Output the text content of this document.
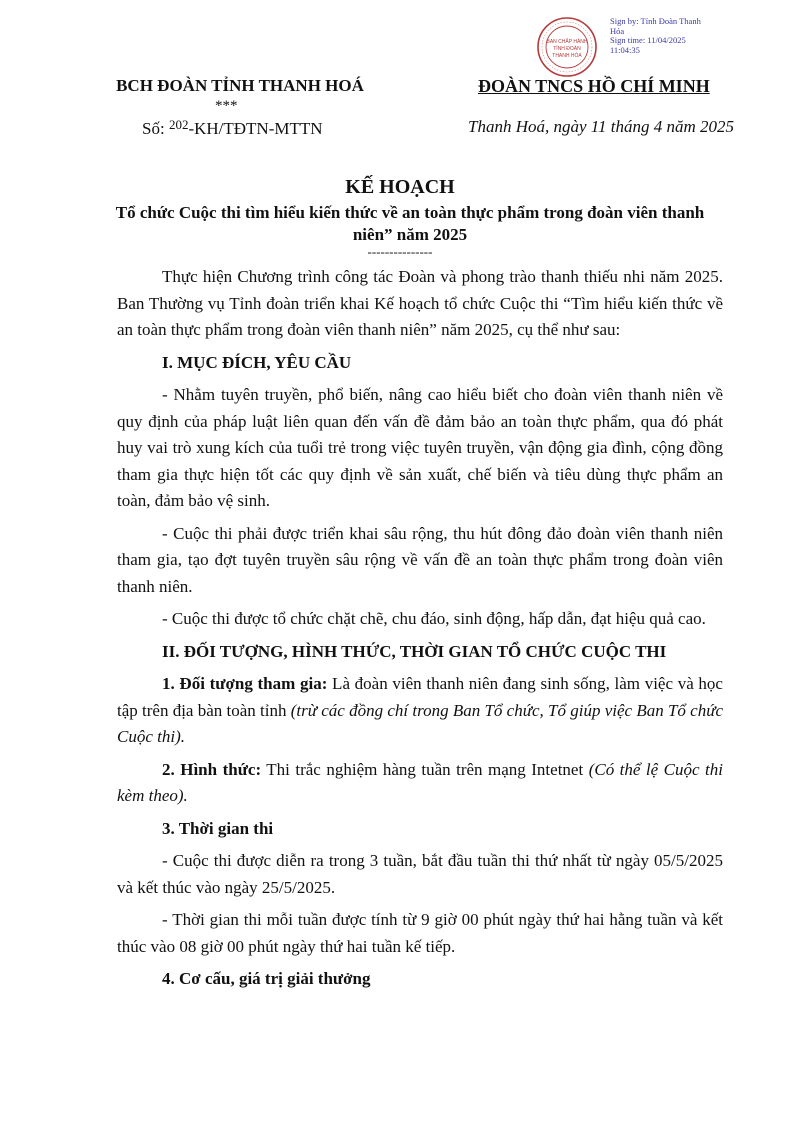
BAN CHẤP HÀNH
TỈNH ĐOÀN
THANH HÓA
Sign by: Tỉnh Đoàn Thanh
Hóa
Sign time: 11/04/2025
11:04:35
BCH ĐOÀN TỈNH THANH HOÁ
***
Số: $^{202}$-KH/TĐTN-MTTN
ĐOÀN TNCS HỒ CHÍ MINH
Thanh Hoá, ngày 11 tháng 4 năm 2025
KẾ HOẠCH
Tổ chức Cuộc thi tìm hiểu kiến thức về an toàn thực phẩm trong đoàn viên thanh niên” năm 2025
---------------

Thực hiện Chương trình công tác Đoàn và phong trào thanh thiếu nhi năm 2025. Ban Thường vụ Tỉnh đoàn triển khai Kế hoạch tổ chức Cuộc thi “Tìm hiểu kiến thức về an toàn thực phẩm trong đoàn viên thanh niên” năm 2025, cụ thể như sau:

I. MỤC ĐÍCH, YÊU CẦU

- Nhằm tuyên truyền, phổ biến, nâng cao hiểu biết cho đoàn viên thanh niên về quy định của pháp luật liên quan đến vấn đề đảm bảo an toàn thực phẩm, qua đó phát huy vai trò xung kích của tuổi trẻ trong việc tuyên truyền, vận động gia đình, cộng đồng tham gia thực hiện tốt các quy định về sản xuất, chế biến và tiêu dùng thực phẩm an toàn, đảm bảo vệ sinh.

- Cuộc thi phải được triển khai sâu rộng, thu hút đông đảo đoàn viên thanh niên tham gia, tạo đợt tuyên truyền sâu rộng về vấn đề an toàn thực phẩm trong đoàn viên thanh niên.

- Cuộc thi được tổ chức chặt chẽ, chu đáo, sinh động, hấp dẫn, đạt hiệu quả cao.

II. ĐỐI TƯỢNG, HÌNH THỨC, THỜI GIAN TỔ CHỨC CUỘC THI

1. Đối tượng tham gia: Là đoàn viên thanh niên đang sinh sống, làm việc và học tập trên địa bàn toàn tỉnh (trừ các đồng chí trong Ban Tổ chức, Tổ giúp việc Ban Tổ chức Cuộc thi).

2. Hình thức: Thi trắc nghiệm hàng tuần trên mạng Intetnet (Có thể lệ Cuộc thi kèm theo).

3. Thời gian thi

- Cuộc thi được diễn ra trong 3 tuần, bắt đầu tuần thi thứ nhất từ ngày 05/5/2025 và kết thúc vào ngày 25/5/2025.

- Thời gian thi mỗi tuần được tính từ 9 giờ 00 phút ngày thứ hai hằng tuần và kết thúc vào 08 giờ 00 phút ngày thứ hai tuần kế tiếp.

4. Cơ cấu, giá trị giải thưởng
